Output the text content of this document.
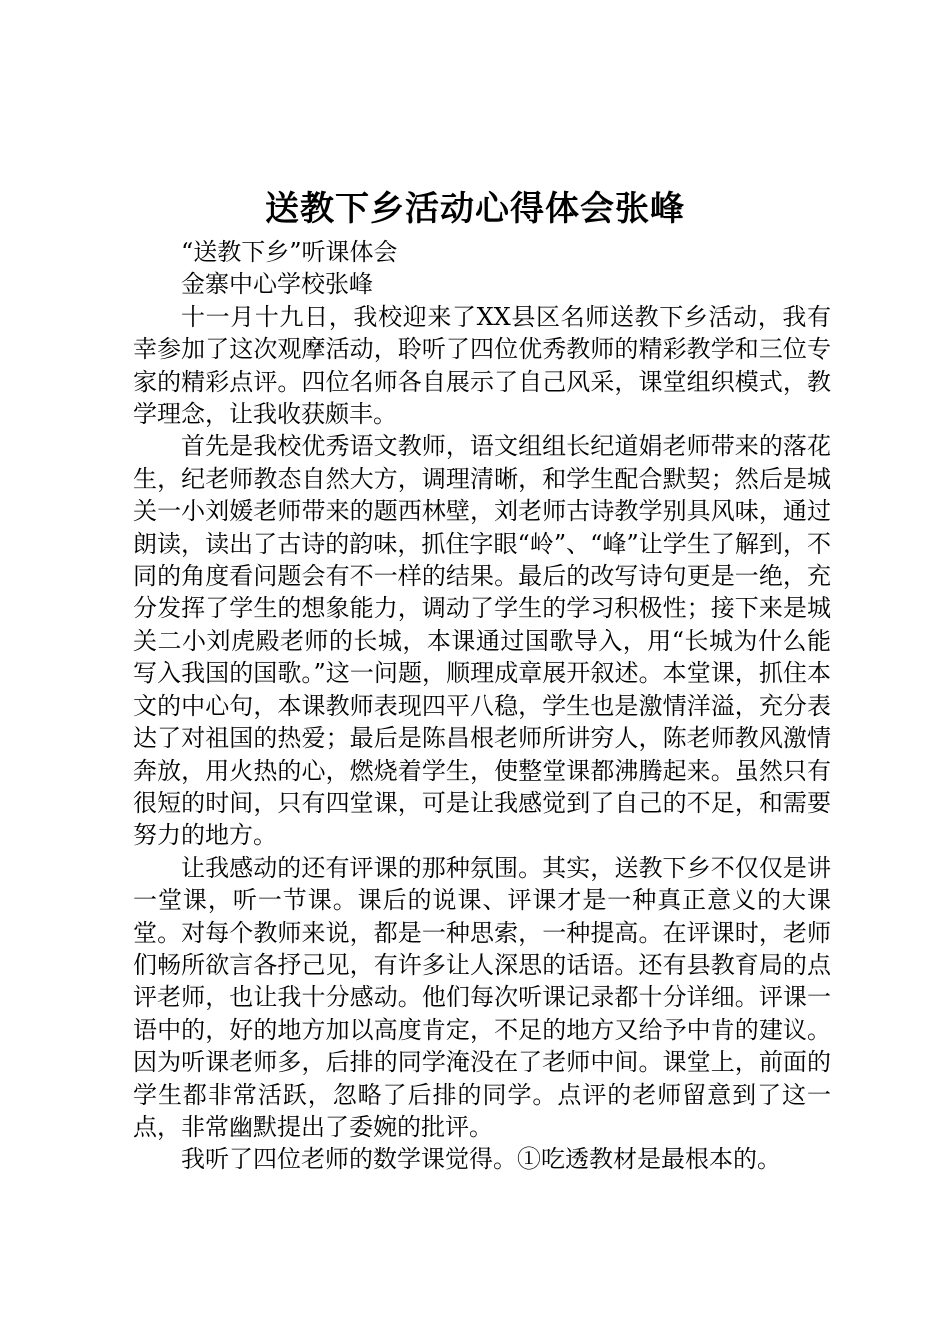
送教下乡活动心得体会张峰

“送教下乡”听课体会

金寨中心学校张峰

十一月十九日，我校迎来了XX县区名师送教下乡活动，我有幸参加了这次观摩活动，聆听了四位优秀教师的精彩教学和三位专家的精彩点评。四位名师各自展示了自己风采，课堂组织模式，教学理念，让我收获颇丰。

首先是我校优秀语文教师，语文组组长纪道娟老师带来的落花生，纪老师教态自然大方，调理清晰，和学生配合默契；然后是城关一小刘媛老师带来的题西林壁，刘老师古诗教学别具风味，通过朗读，读出了古诗的韵味，抓住字眼“岭”、“峰”让学生了解到，不同的角度看问题会有不一样的结果。最后的改写诗句更是一绝，充分发挥了学生的想象能力，调动了学生的学习积极性；接下来是城关二小刘虎殿老师的长城，本课通过国歌导入，用“长城为什么能写入我国的国歌。”这一问题，顺理成章展开叙述。本堂课，抓住本文的中心句，本课教师表现四平八稳，学生也是激情洋溢，充分表达了对祖国的热爱；最后是陈昌根老师所讲穷人，陈老师教风激情奔放，用火热的心，燃烧着学生，使整堂课都沸腾起来。虽然只有很短的时间，只有四堂课，可是让我感觉到了自己的不足，和需要努力的地方。

让我感动的还有评课的那种氛围。其实，送教下乡不仅仅是讲一堂课，听一节课。课后的说课、评课才是一种真正意义的大课堂。对每个教师来说，都是一种思索，一种提高。在评课时，老师们畅所欲言各抒己见，有许多让人深思的话语。还有县教育局的点评老师，也让我十分感动。他们每次听课记录都十分详细。评课一语中的，好的地方加以高度肯定，不足的地方又给予中肯的建议。因为听课老师多，后排的同学淹没在了老师中间。课堂上，前面的学生都非常活跃，忽略了后排的同学。点评的老师留意到了这一点，非常幽默提出了委婉的批评。

我听了四位老师的数学课觉得。①吃透教材是最根本的。
